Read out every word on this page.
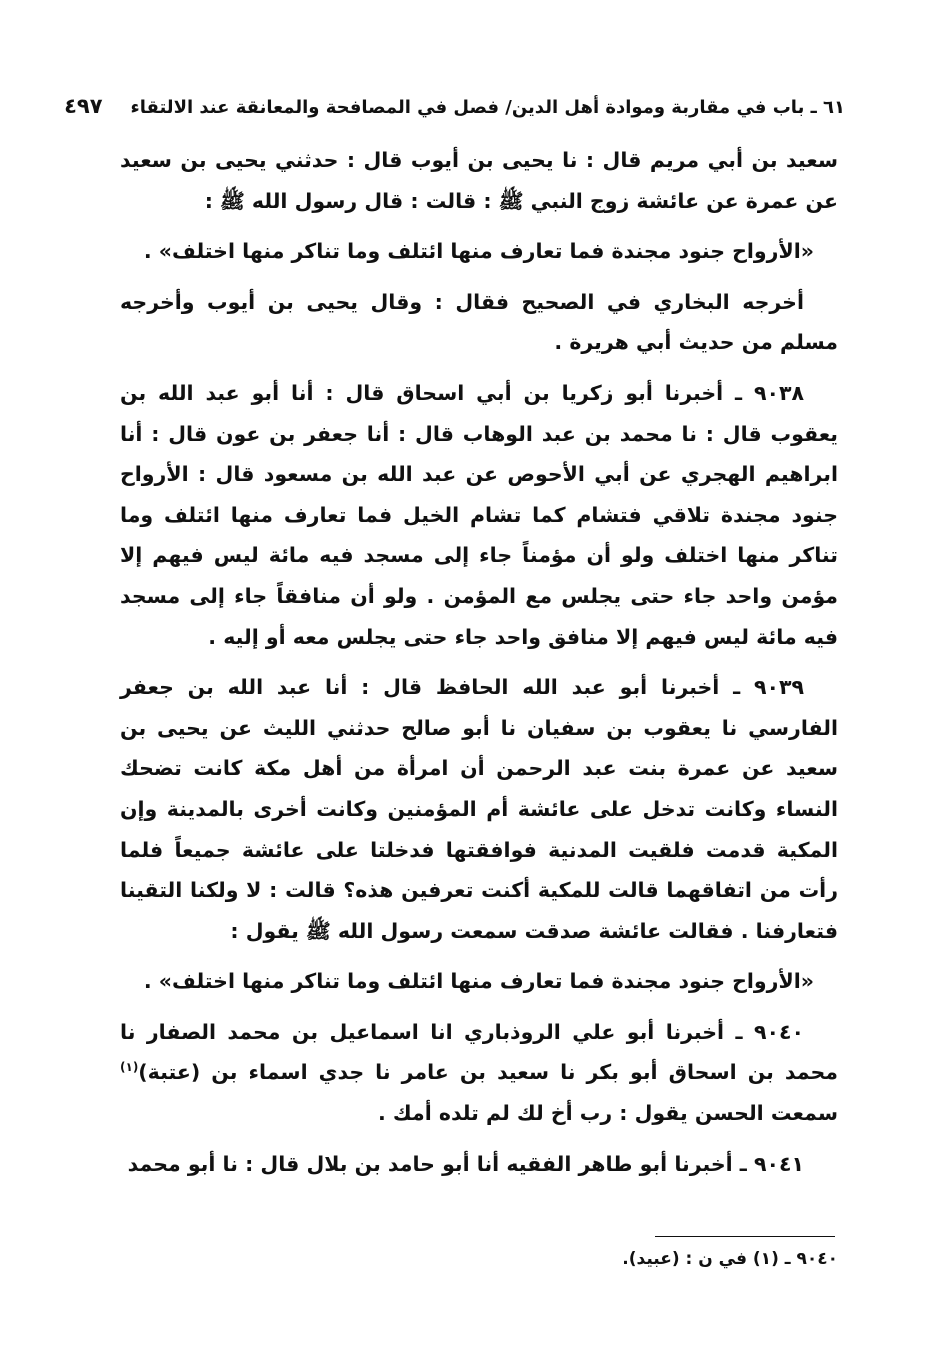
٦١ ـ باب في مقاربة وموادة أهل الدين/ فصل في المصافحة والمعانقة عند الالتقاء
٤٩٧

سعيد بن أبي مريم قال : نا يحيى بن أيوب قال : حدثني يحيى بن سعيد عن عمرة عن عائشة زوج النبي ﷺ : قالت : قال رسول الله ﷺ :

«الأرواح جنود مجندة فما تعارف منها ائتلف وما تناكر منها اختلف» .

أخرجه البخاري في الصحيح فقال : وقال يحيى بن أيوب وأخرجه مسلم من حديث أبي هريرة .

٩٠٣٨ ـ أخبرنا أبو زكريا بن أبي اسحاق قال : أنا أبو عبد الله بن يعقوب قال : نا محمد بن عبد الوهاب قال : أنا جعفر بن عون قال : أنا ابراهيم الهجري عن أبي الأحوص عن عبد الله بن مسعود قال : الأرواح جنود مجندة تلاقي فتشام كما تشام الخيل فما تعارف منها ائتلف وما تناكر منها اختلف ولو أن مؤمناً جاء إلى مسجد فيه مائة ليس فيهم إلا مؤمن واحد جاء حتى يجلس مع المؤمن . ولو أن منافقاً جاء إلى مسجد فيه مائة ليس فيهم إلا منافق واحد جاء حتى يجلس معه أو إليه .

٩٠٣٩ ـ أخبرنا أبو عبد الله الحافظ قال : أنا عبد الله بن جعفر الفارسي نا يعقوب بن سفيان نا أبو صالح حدثني الليث عن يحيى بن سعيد عن عمرة بنت عبد الرحمن أن امرأة من أهل مكة كانت تضحك النساء وكانت تدخل على عائشة أم المؤمنين وكانت أخرى بالمدينة وإن المكية قدمت فلقيت المدنية فوافقتها فدخلتا على عائشة جميعاً فلما رأت من اتفاقهما قالت للمكية أكنت تعرفين هذه؟ قالت : لا ولكنا التقينا فتعارفنا . فقالت عائشة صدقت سمعت رسول الله ﷺ يقول :

«الأرواح جنود مجندة فما تعارف منها ائتلف وما تناكر منها اختلف» .

٩٠٤٠ ـ أخبرنا أبو علي الروذباري انا اسماعيل بن محمد الصفار نا محمد بن اسحاق أبو بكر نا سعيد بن عامر نا جدي اسماء بن (عتبة)$^{(١)}$ سمعت الحسن يقول : رب أخ لك لم تلده أمك .

٩٠٤١ ـ أخبرنا أبو طاهر الفقيه أنا أبو حامد بن بلال قال : نا أبو محمد

٩٠٤٠ ـ (١) في ن : (عبيد).
